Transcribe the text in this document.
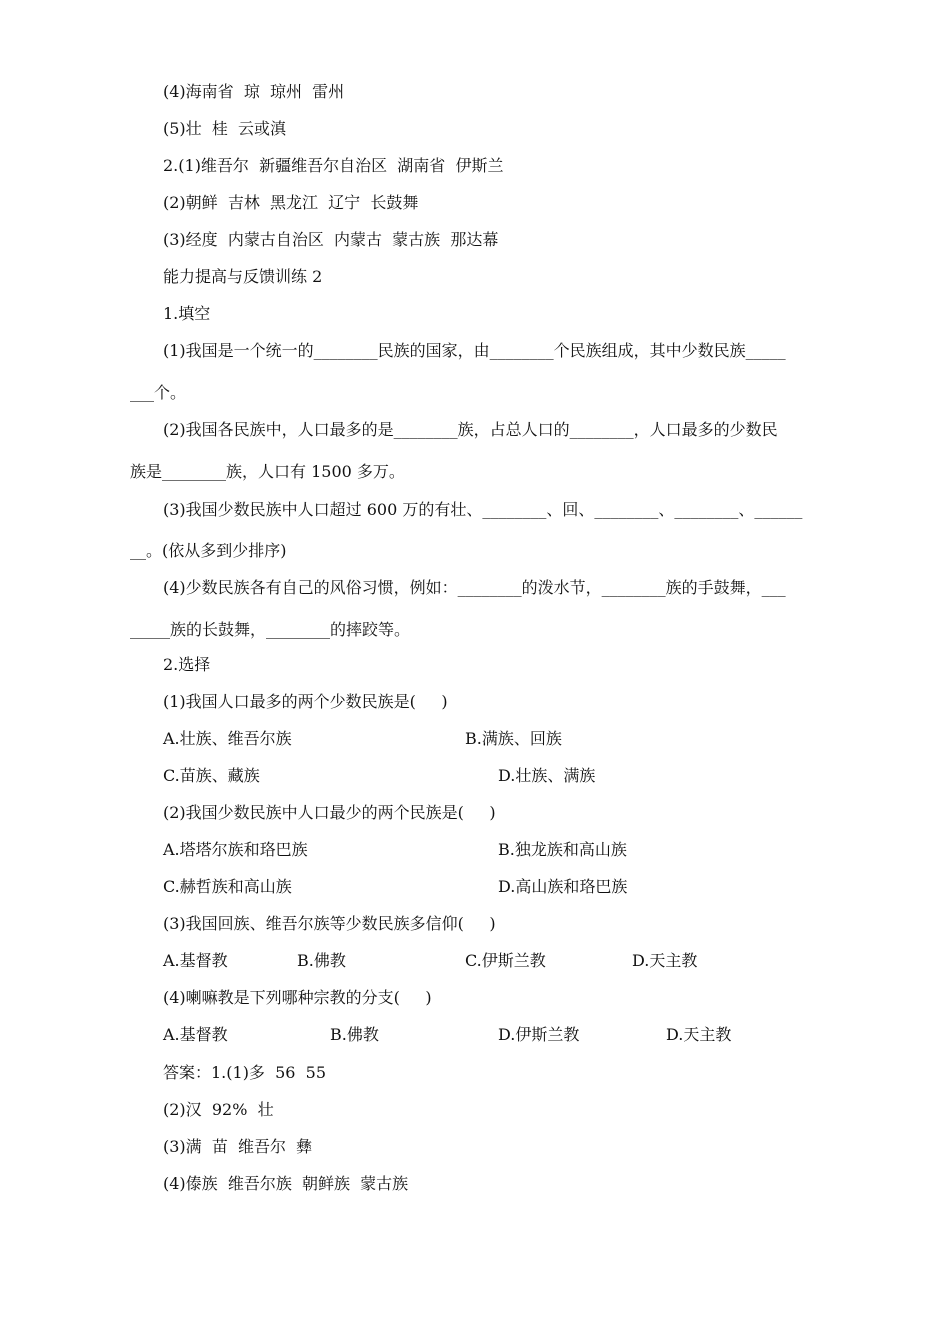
(4)海南省  琼  琼州  雷州
(5)壮  桂  云或滇
2.(1)维吾尔  新疆维吾尔自治区  湖南省  伊斯兰
(2)朝鲜  吉林  黑龙江  辽宁  长鼓舞
(3)经度  内蒙古自治区  内蒙古  蒙古族  那达幕
能力提高与反馈训练 2
1.填空
(1)我国是一个统一的________民族的国家，由________个民族组成，其中少数民族_____
___个。
(2)我国各民族中，人口最多的是________族，占总人口的________，人口最多的少数民
族是________族，人口有 1500 多万。
(3)我国少数民族中人口超过 600 万的有壮、________、回、________、________、______
__。(依从多到少排序)
(4)少数民族各有自己的风俗习惯，例如：________的泼水节，________族的手鼓舞，___
_____族的长鼓舞，________的摔跤等。
2.选择
(1)我国人口最多的两个少数民族是(     )
A.壮族、维吾尔族	B.满族、回族
C.苗族、藏族	D.壮族、满族
(2)我国少数民族中人口最少的两个民族是(     )
A.塔塔尔族和珞巴族	B.独龙族和高山族
C.赫哲族和高山族	D.高山族和珞巴族
(3)我国回族、维吾尔族等少数民族多信仰(     )
A.基督教	B.佛教	C.伊斯兰教	D.天主教
(4)喇嘛教是下列哪种宗教的分支(     )
A.基督教	B.佛教	D.伊斯兰教	D.天主教
答案：1.(1)多  56  55
(2)汉  92%  壮
(3)满  苗  维吾尔  彝
(4)傣族  维吾尔族  朝鲜族  蒙古族
